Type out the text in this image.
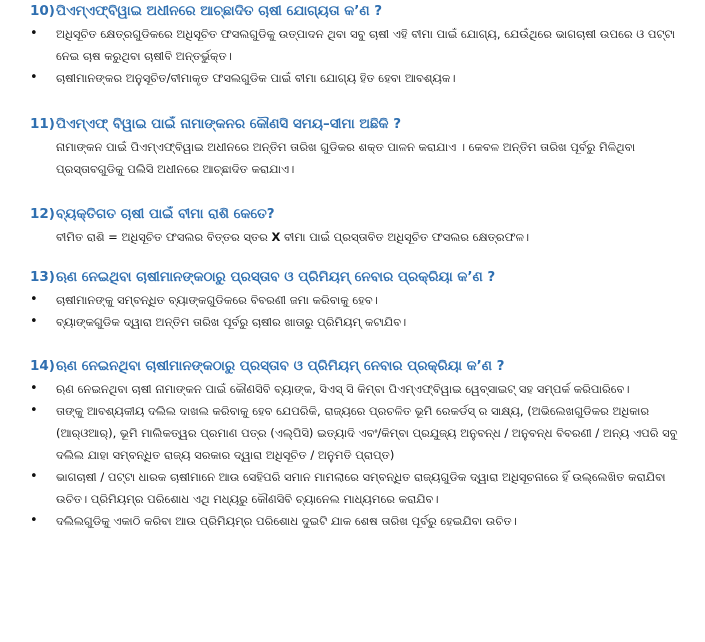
10)ପିଏମ୍ଏଫ୍‌ବିୱାଇ ଅଧୀନରେ ଆଚ୍ଛାଦିତ ଚାଷୀ ଯୋଗ୍ୟତା କ’ଣ ?
• ଅଧିସୂଚିତ କ୍ଷେତ୍ରଗୁଡିକରେ ଅଧିସୂଚିତ ଫସଲଗୁଡିକୁ ଉତ୍ପାଦନ ଥିବା ସବୁ ଚାଷୀ ଏହି ବୀମା ପାଇଁ ଯୋଗ୍ୟ, ଯେଉଁଥିରେ ଭାଗଚାଷୀ ଉପରେ ଓ ପଟ୍ଟା ନେଇ ଚାଷ କରୁଥିବା ଚାଷୀବି ଅନ୍ତର୍ଭୁକ୍ତ।
• ଚାଷୀମାନଙ୍କର ଅନୁସୂଚିତ/ବୀମାକୃତ ଫସଲଗୁଡିକ ପାଇଁ ବୀମା ଯୋଗ୍ୟ ହିତ ହେବା ଆବଶ୍ୟକ।
11)ପିଏମ୍ଏଫ୍ ବିୱାଇ ପାଇଁ ନାମାଙ୍କନର କୌଣସି ସମୟ–ସୀମା ଅଛିକି ?

ନାମାଙ୍କନ ପାଇଁ ପିଏମ୍ଏଫ୍‌ବିୱାଇ ଅଧୀନରେ ଅନ୍ତିମ ତାରିଖ ଗୁଡିକର ଶକ୍ତ ପାଳନ କରାଯାଏ । କେବଳ ଅନ୍ତିମ ତାରିଖ ପୂର୍ବରୁ ମିଳିଥିବା ପ୍ରସ୍ତାବଗୁଡିକୁ ପଲିସି ଅଧୀନରେ ଆଚ୍ଛାଦିତ କରାଯାଏ।

12)ବ୍ୟକ୍ତିଗତ ଚାଷୀ ପାଇଁ ବୀମା ରାଶି କେତେ?

ବୀମିତ ରାଶି = ଅଧିସୂଚିତ ଫସଲର ବିତ୍ତର ସ୍ତର X ବୀମା ପାଇଁ ପ୍ରସ୍ତାବିତ ଅଧିସୂଚିତ ଫସଲର କ୍ଷେତ୍ରଫଳ।

13)ଋଣ ନେଇଥିବା ଚାଷୀମାନଙ୍କଠାରୁ ପ୍ରସ୍ତାବ ଓ ପ୍ରିମିୟମ୍ ନେବାର ପ୍ରକ୍ରିୟା କ’ଣ ?
• ଚାଷୀମାନଙ୍କୁ ସମ୍ବନ୍ଧିତ ବ୍ୟାଙ୍କଗୁଡିକରେ ବିବରଣୀ ଜମା କରିବାକୁ ହେବ।
• ବ୍ୟାଙ୍କଗୁଡିକ ଦ୍ୱାରା ଅନ୍ତିମ ତାରିଖ ପୂର୍ବରୁ ଚାଷୀର ଖାତାରୁ ପ୍ରିମିୟମ୍ କଟାଯିବ।
14)ଋଣ ନେଇନଥିବା ଚାଷୀମାନଙ୍କଠାରୁ ପ୍ରସ୍ତାବ ଓ ପ୍ରିମିୟମ୍ ନେବାର ପ୍ରକ୍ରିୟା କ’ଣ ?
• ଋଣ ନେଇନଥିବା ଚାଷୀ ନାମାଙ୍କନ ପାଇଁ କୌଣସିବି ବ୍ୟାଙ୍କ, ସିଏସ୍ ସି କିମ୍ବା ପିଏମ୍ଏଫ୍‌ବିୱାଇ ୱେବ୍‌ସାଇଟ୍ ସହ ସମ୍ପର୍କ କରିପାରିବେ।
• ତାଙ୍କୁ ଆବଶ୍ୟକୀୟ ଦଲିଲ ଦାଖଲ କରିବାକୁ ହେବ ଯେପରିକି, ରାଜ୍ୟରେ ପ୍ରଚଳିତ ଭୂମି ରେକର୍ଡସ୍ ର ସାକ୍ଷ୍ୟ, (ଅଭିଲେଖଗୁଡିକର ଅଧିକାର (ଆର୍‌ଓଆର୍), ଭୂମି ମାଲିକତ୍ୱର ପ୍ରମାଣ ପତ୍ର (ଏଲ୍‌ପିସି) ଇତ୍ୟାଦି ଏବଂ/କିମ୍ବା ପ୍ରଯୁଜ୍ୟ ଅନୁବନ୍ଧ / ଅନୁବନ୍ଧ ବିବରଣୀ / ଅନ୍ୟ ଏପରି ସବୁ ଦଲିଲ ଯାହା ସମ୍ବନ୍ଧିତ ରାଜ୍ୟ ସରକାର ଦ୍ୱାରା ଅଧିସୂଚିତ / ଅନୁମତି ପ୍ରାପ୍ତ)
• ଭାଗଚାଷୀ / ପଟ୍ଟା ଧାରକ ଚାଷୀମାନେ ଆଉ ସେହିପରି ସମାନ ମାମଲାରେ ସମ୍ବନ୍ଧିତ ରାଜ୍ୟଗୁଡିକ ଦ୍ୱାରା ଅଧିସୂଚନାରେ ହିଁ ଉଲ୍ଲେଖିତ କରାଯିବା ଉଚିତ। ପ୍ରିମିୟମ୍‌ର ପରିଶୋଧ ଏଥି ମଧ୍ୟରୁ କୌଣସିବି ଚ୍ୟାନେଲ ମାଧ୍ୟମରେ କରାଯିବ।
• ଦଲିଲଗୁଡିକୁ ଏକାଠି କରିବା ଆଉ ପ୍ରିମିୟମ୍‌ର ପରିଶୋଧ ଦୁଇଟି ଯାକ ଶେଷ ତାରିଖ ପୂର୍ବରୁ ହେଇଯିବା ଉଚିତ।
